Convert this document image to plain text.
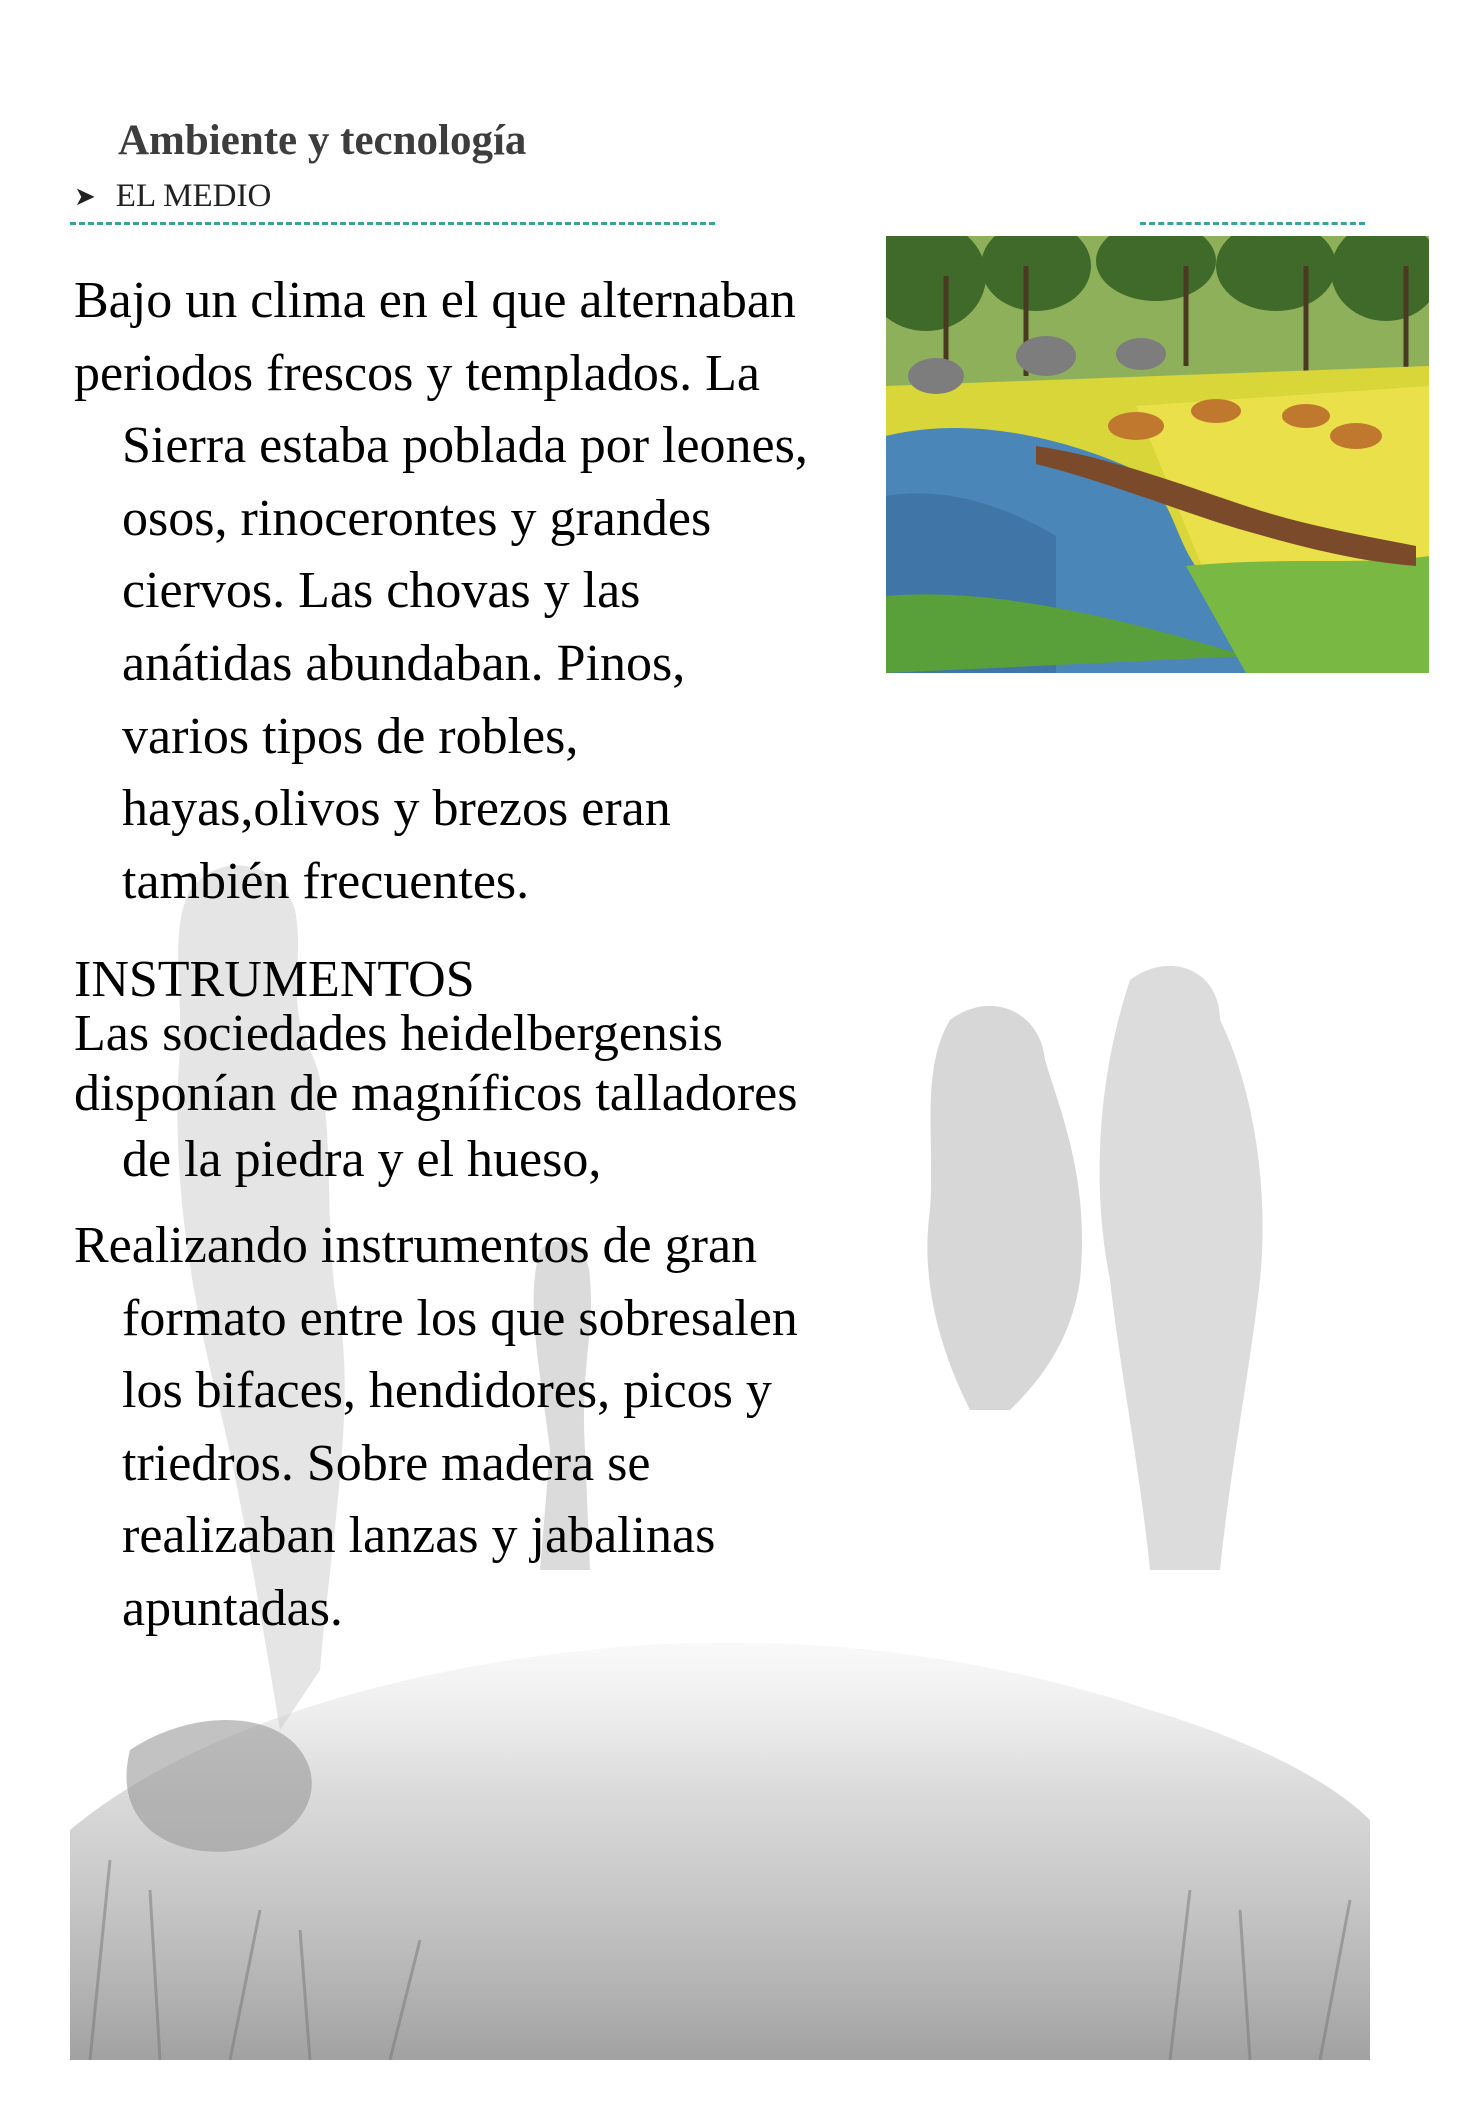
Ambiente y tecnología
➤ EL MEDIO
Bajo un clima en el que alternaban
periodos frescos y templados. La
Sierra estaba poblada por leones,
osos, rinocerontes y grandes
ciervos. Las chovas y las
anátidas abundaban. Pinos,
varios tipos de robles,
hayas,olivos y brezos eran
también frecuentes.
INSTRUMENTOS
Las sociedades heidelbergensis
disponían de magníficos talladores
de la piedra y el hueso,
Realizando instrumentos de gran
formato entre los que sobresalen
los bifaces, hendidores, picos y
triedros. Sobre madera se
realizaban lanzas y jabalinas
apuntadas.
